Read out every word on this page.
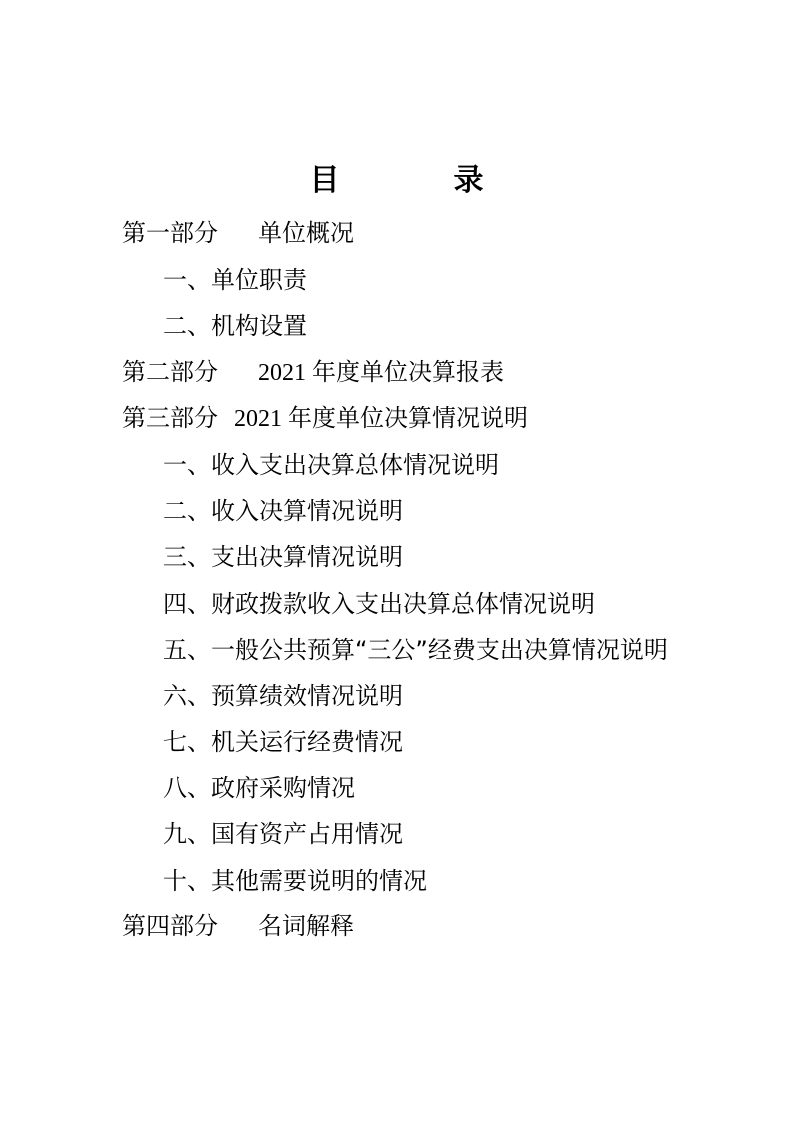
目	录
第一部分 单位概况
一、单位职责
二、机构设置
第二部分 2021 年度单位决算报表
第三部分 2021 年度单位决算情况说明
一、收入支出决算总体情况说明
二、收入决算情况说明
三、支出决算情况说明
四、财政拨款收入支出决算总体情况说明
五、一般公共预算“三公”经费支出决算情况说明
六、预算绩效情况说明
七、机关运行经费情况
八、政府采购情况
九、国有资产占用情况
十、其他需要说明的情况
第四部分 名词解释
